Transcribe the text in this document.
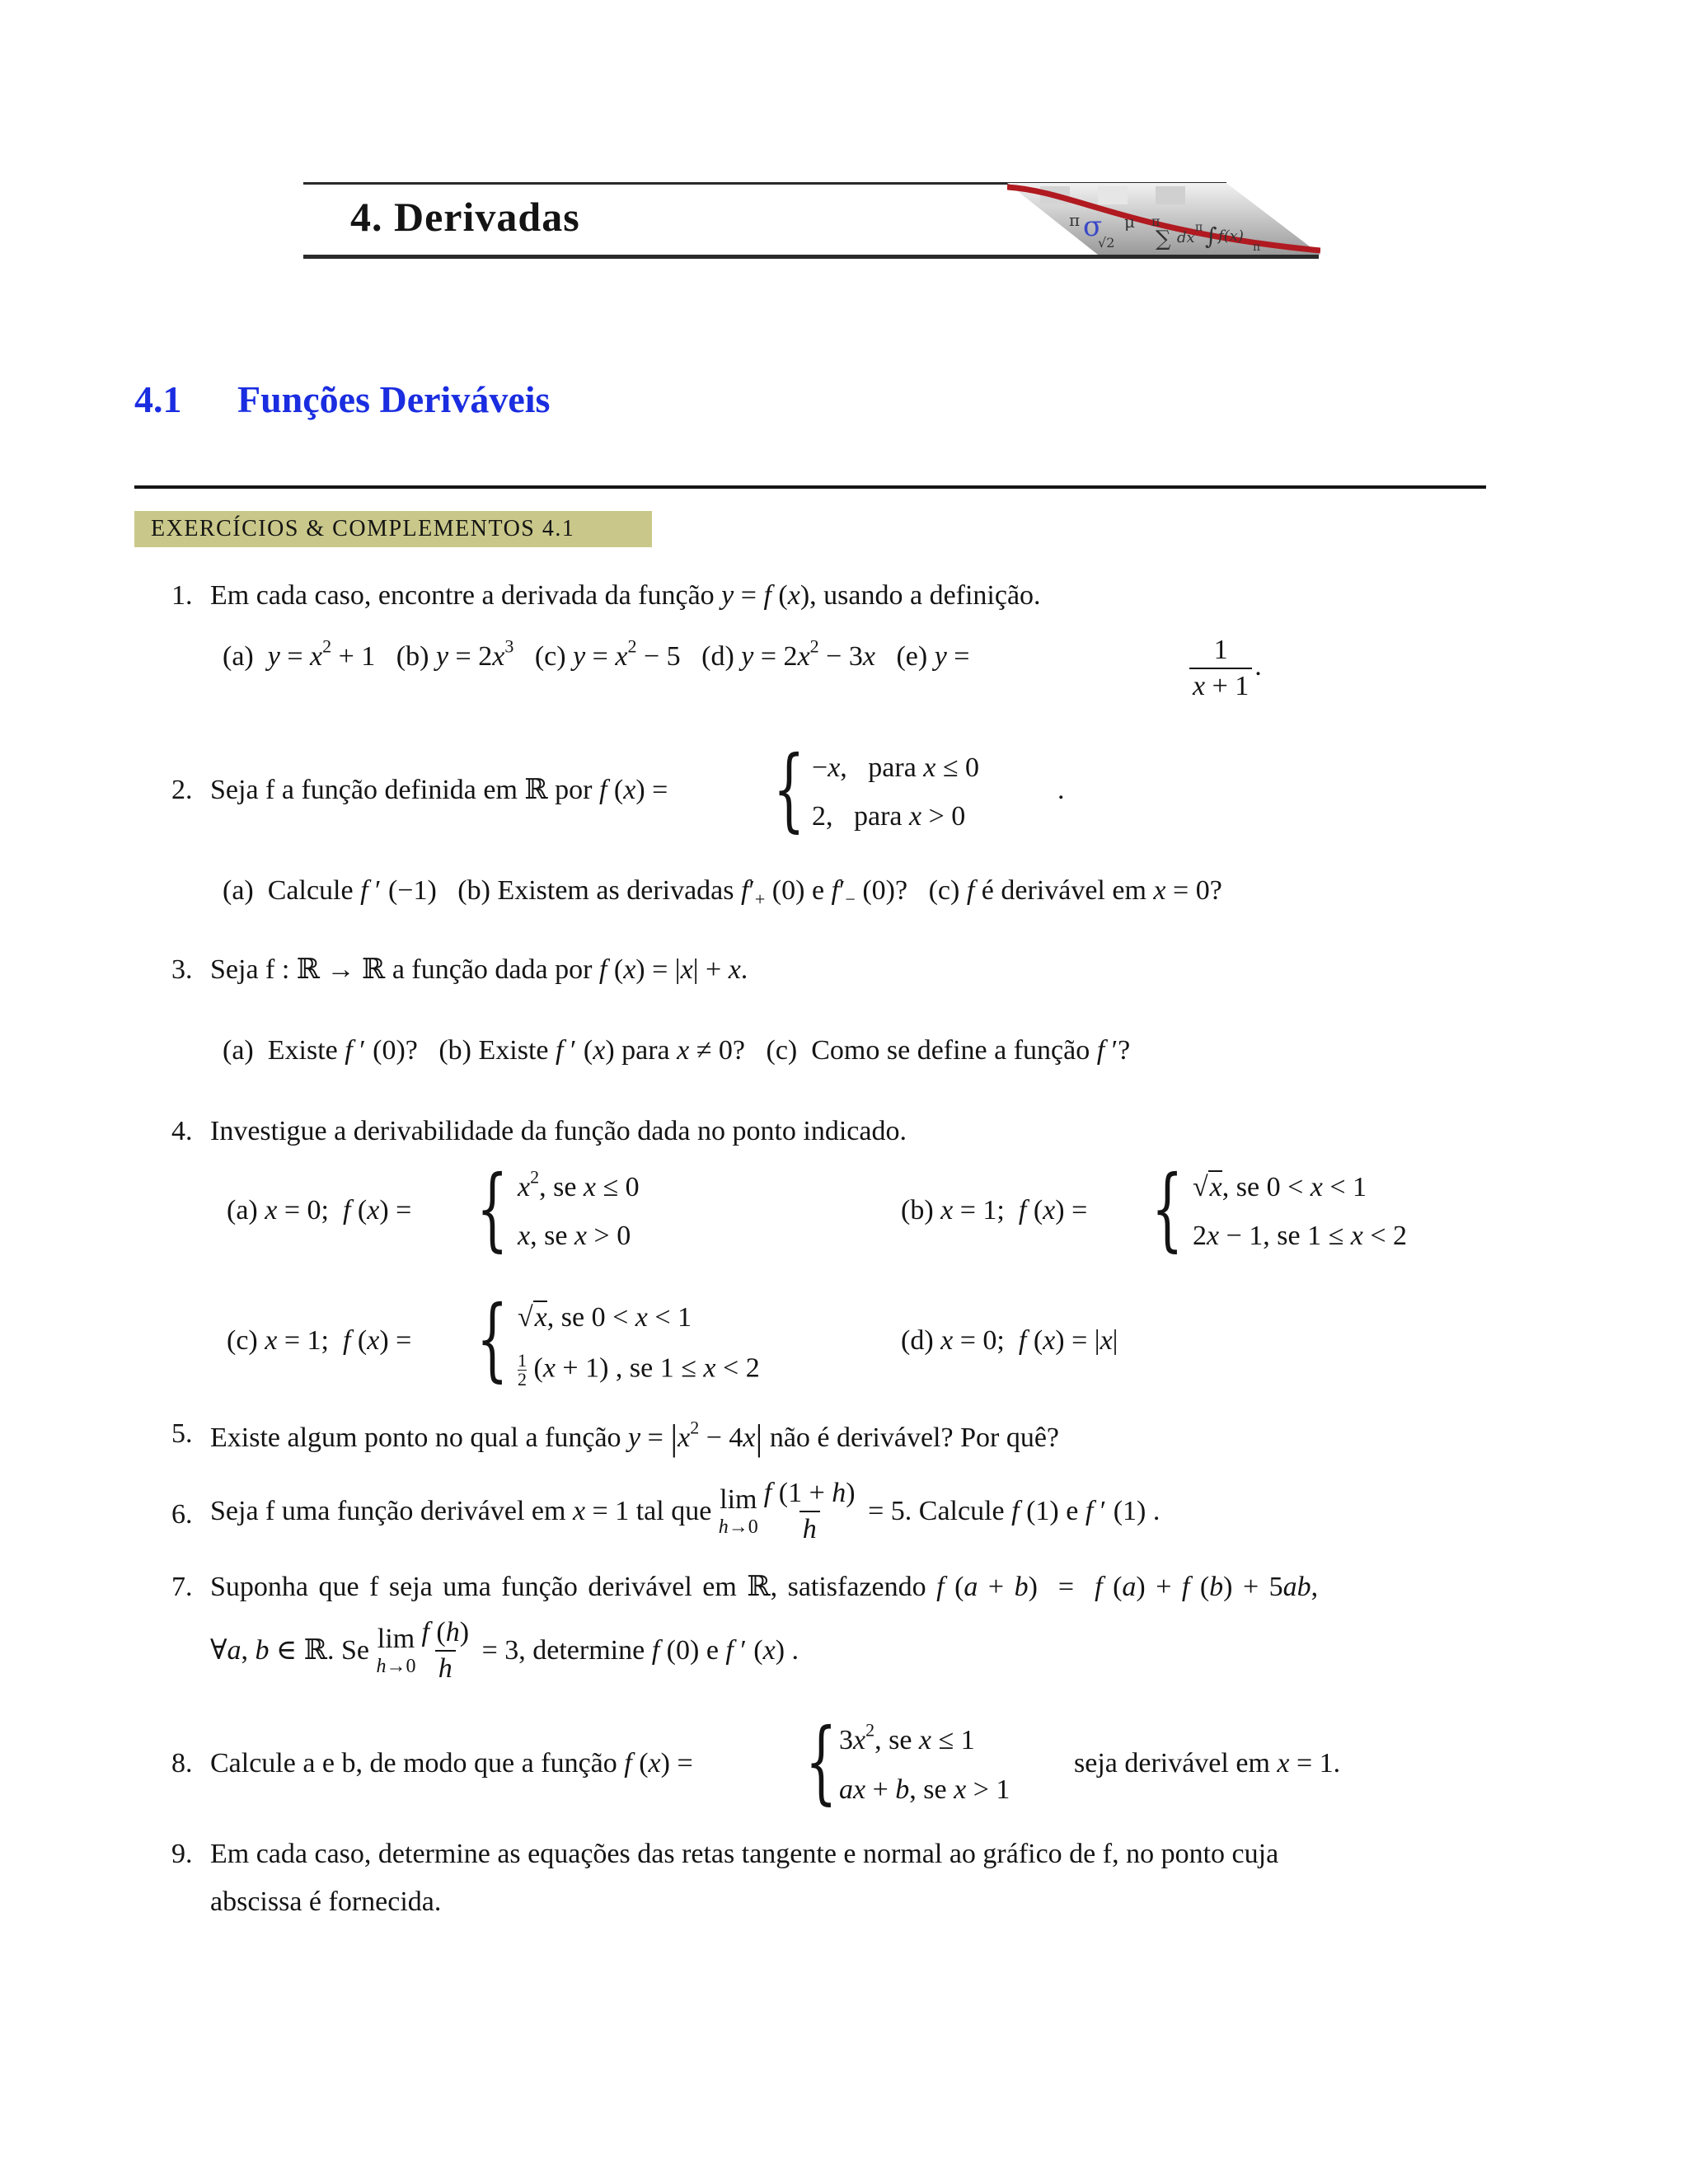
4. Derivadas	π σ
√2
μ π
∑ dx
π ∫ f(x)
π
4.1 Funções Deriváveis
EXERCÍCIOS & COMPLEMENTOS 4.1
1. Em cada caso, encontre a derivada da função y = f (x), usando a definição.
(a)  $y = x^2 + 1$   (b) $y = 2x^3$   (c) $y = x^2 - 5$   (d) $y = 2x^2 - 3x$   (e) y =	$\frac{1}{x + 1}$ .
2. Seja f a função definida em ℝ por f (x) = { −x,   para x ≤ 0
2,   para x > 0
.
(a)  Calcule f ′ (−1)   (b) Existem as derivadas $f'_+$ (0) e $f'_-$ (0)?   (c) f é derivável em x = 0?
3. Seja f : ℝ → ℝ a função dada por f (x) = |x| + x.
(a)  Existe f ′ (0)?   (b) Existe f ′ (x) para x ≠ 0?   (c)  Como se define a função f ′?
4. Investigue a derivabilidade da função dada no ponto indicado.
(a) x = 0;  f (x) = { $x^2$, se x ≤ 0
x, se x > 0
(b) x = 1;  f (x) = { √x, se 0 < x < 1
2x − 1, se 1 ≤ x < 2
(c) x = 1;  f (x) = { √x, se 0 < x < 1
$\frac{1}{2} (x + 1)$ , se 1 ≤ x < 2
(d) x = 0;  f (x) = |x|
5. Existe algum ponto no qual a função $y = |x^2 - 4x|$ não é derivável? Por quê?
6. Seja f uma função derivável em
x = 1 tal que
lim
$h\to 0 \frac{f (1 + h)}{h} = 5$. Calcule
f (1) e
f ′ (1) .
7. Suponha que f seja uma função derivável em ℝ, satisfazendo f (a + b)  =  f (a) + f (b) + 5ab,
∀ a , b ∈ ℝ. Se
lim
$h\to 0 \frac{f (h)}{h} = 3$, determine
f (0) e
f ′ ( x ) .
8. Calcule a e b, de modo que a função f (x) = { $3x^2$, se x ≤ 1
ax + b, se x > 1
seja derivável em x = 1.
9. Em cada caso, determine as equações das retas tangente e normal ao gráfico de f, no ponto cuja
abscissa é fornecida.
